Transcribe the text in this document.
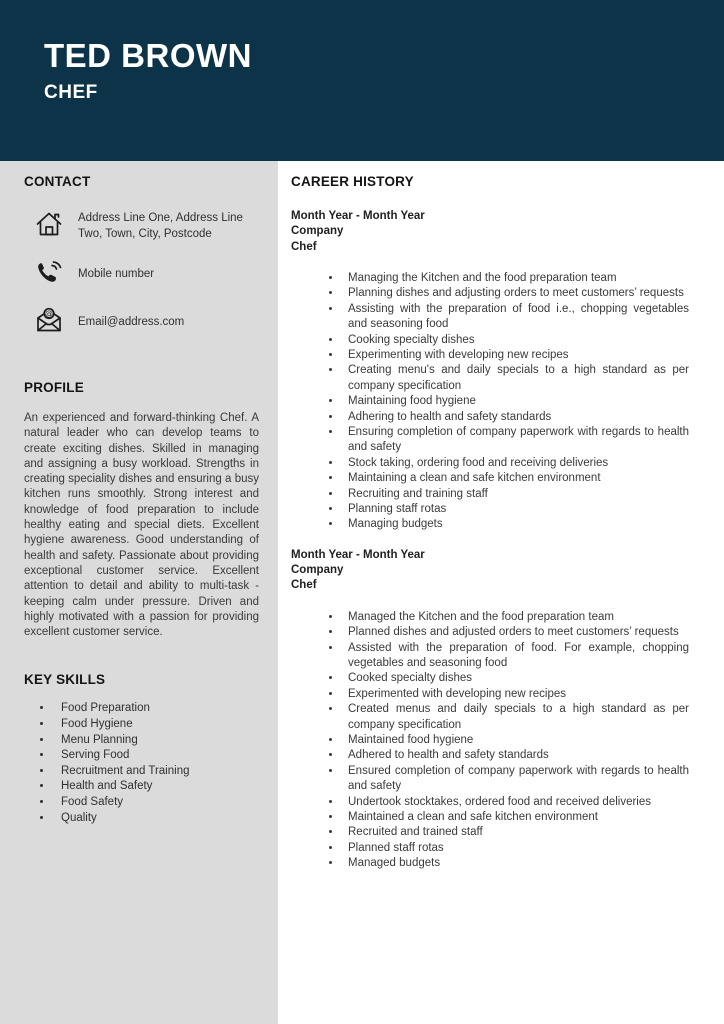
TED BROWN
CHEF
CONTACT
Address Line One, Address Line Two, Town, City, Postcode
Mobile number
@
Email@address.com
PROFILE
An experienced and forward-thinking Chef. A natural leader who can develop teams to create exciting dishes. Skilled in managing and assigning a busy workload. Strengths in creating speciality dishes and ensuring a busy kitchen runs smoothly. Strong interest and knowledge of food preparation to include healthy eating and special diets. Excellent hygiene awareness. Good understanding of health and safety. Passionate about providing exceptional customer service. Excellent attention to detail and ability to multi-task - keeping calm under pressure. Driven and highly motivated with a passion for providing excellent customer service.
KEY SKILLS
• Food Preparation
• Food Hygiene
• Menu Planning
• Serving Food
• Recruitment and Training
• Health and Safety
• Food Safety
• Quality
CAREER HISTORY
Month Year - Month Year
Company
Chef
• Managing the Kitchen and the food preparation team
• Planning dishes and adjusting orders to meet customers’ requests
• Assisting with the preparation of food i.e., chopping vegetables and seasoning food
• Cooking specialty dishes
• Experimenting with developing new recipes
• Creating menu's and daily specials to a high standard as per company specification
• Maintaining food hygiene
• Adhering to health and safety standards
• Ensuring completion of company paperwork with regards to health and safety
• Stock taking, ordering food and receiving deliveries
• Maintaining a clean and safe kitchen environment
• Recruiting and training staff
• Planning staff rotas
• Managing budgets
Month Year - Month Year
Company
Chef
• Managed the Kitchen and the food preparation team
• Planned dishes and adjusted orders to meet customers’ requests
• Assisted with the preparation of food. For example, chopping vegetables and seasoning food
• Cooked specialty dishes
• Experimented with developing new recipes
• Created menus and daily specials to a high standard as per company specification
• Maintained food hygiene
• Adhered to health and safety standards
• Ensured completion of company paperwork with regards to health and safety
• Undertook stocktakes, ordered food and received deliveries
• Maintained a clean and safe kitchen environment
• Recruited and trained staff
• Planned staff rotas
• Managed budgets
